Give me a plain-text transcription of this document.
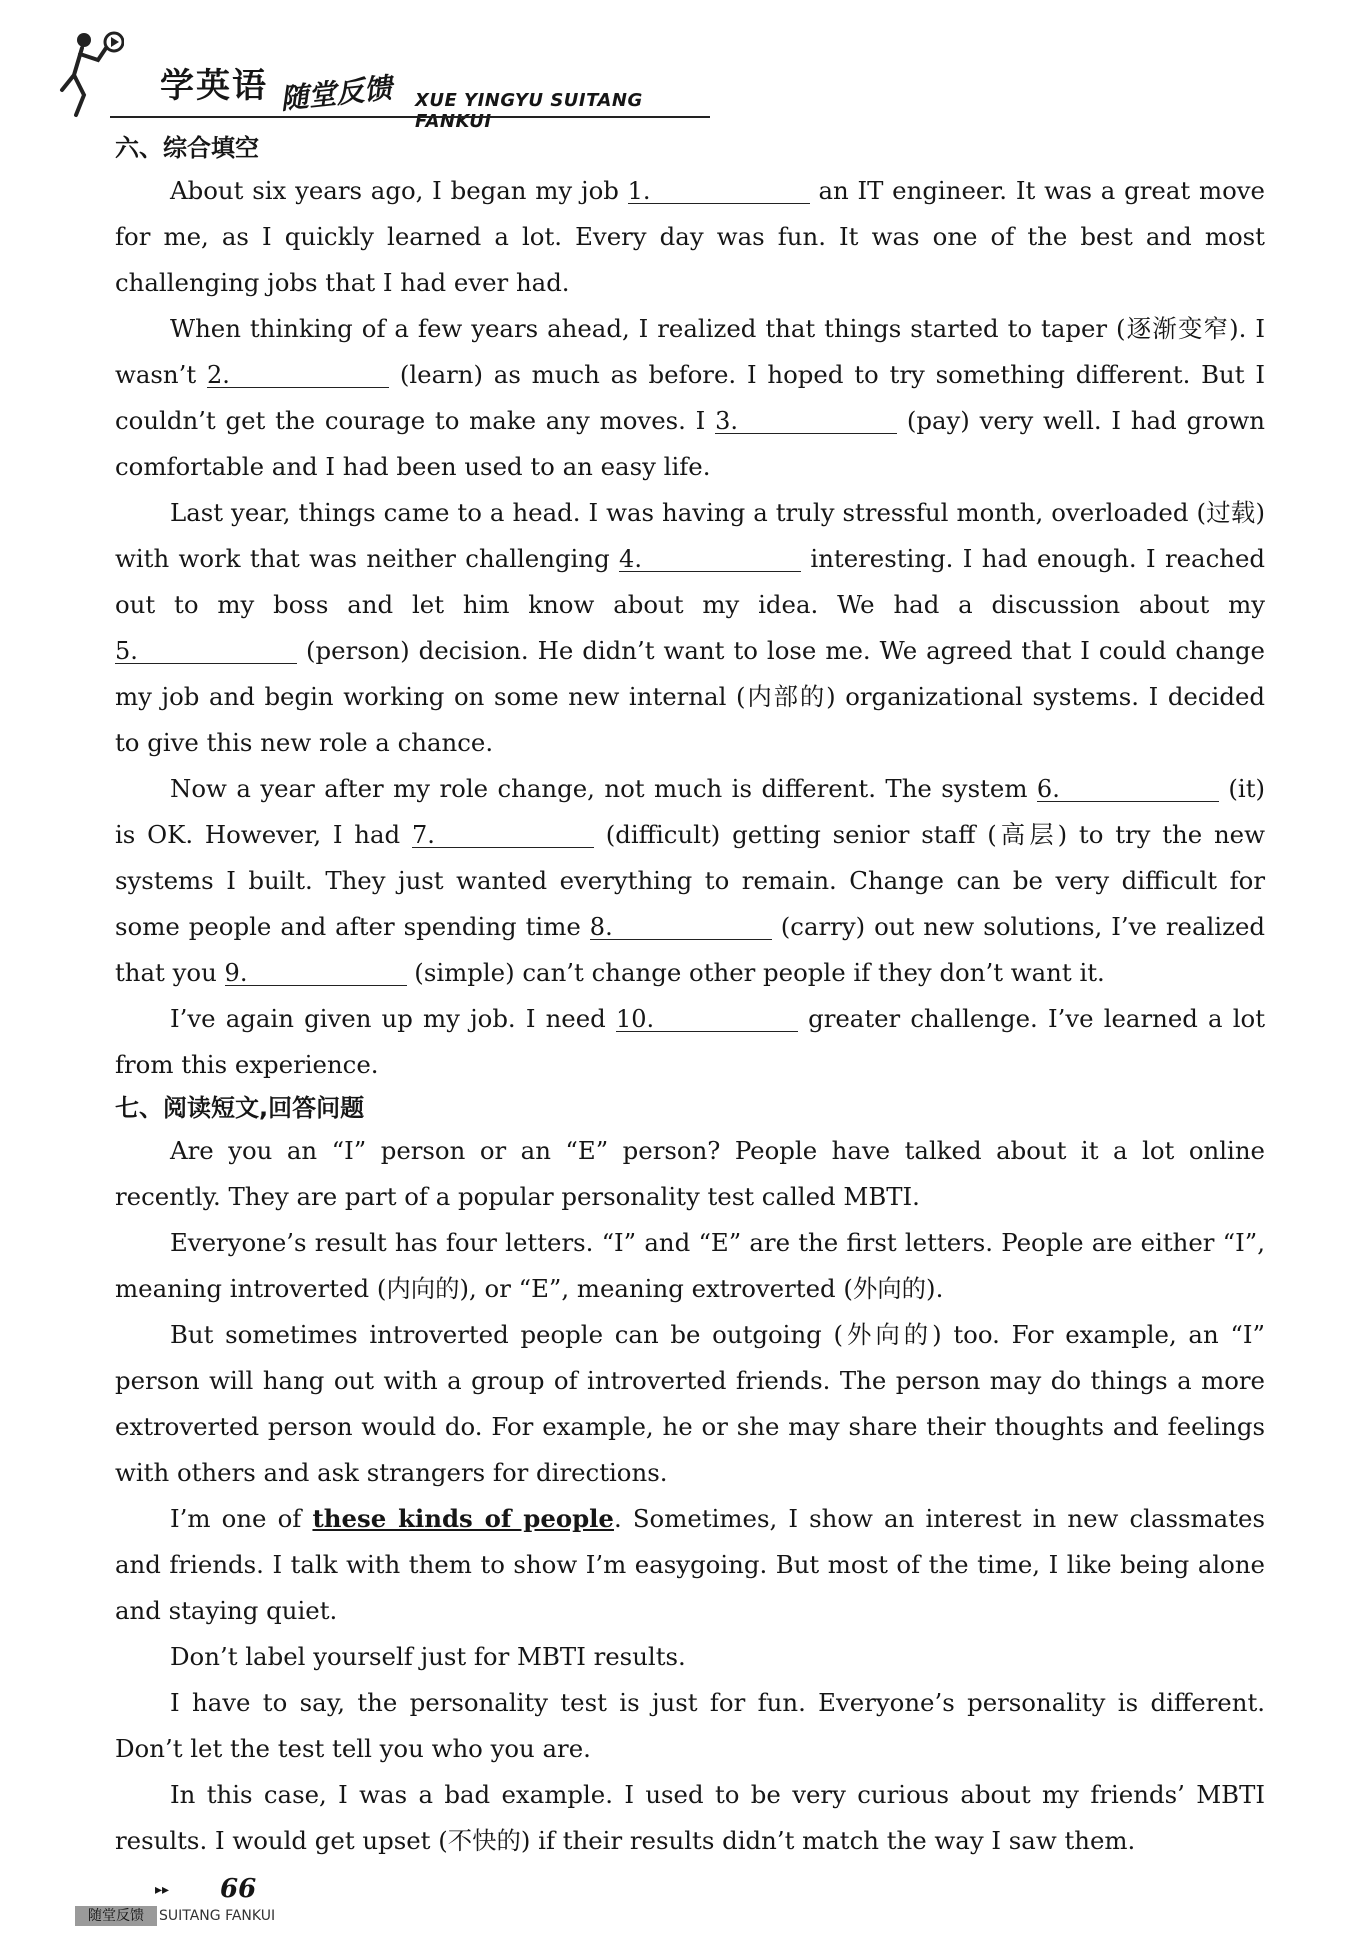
学英语 随堂反馈 XUE YINGYU SUITANG FANKUI
六、综合填空

About six years ago, I began my job 1.	an IT engineer. It was a great move for me, as I quickly learned a lot. Every day was fun. It was one of the best and most challenging jobs that I had ever had.

When thinking of a few years ahead, I realized that things started to taper (逐渐变窄). I wasn’t 2.	(learn) as much as before. I hoped to try something different. But I couldn’t get the courage to make any moves. I 3.	(pay) very well. I had grown comfortable and I had been used to an easy life.

Last year, things came to a head. I was having a truly stressful month, overloaded (过载) with work that was neither challenging 4.	interesting. I had enough. I reached out to my boss and let him know about my idea. We had a discussion about my 5.	(person) decision. He didn’t want to lose me. We agreed that I could change my job and begin working on some new internal (内部的) organizational systems. I decided to give this new role a chance.

Now a year after my role change, not much is different. The system 6.	(it) is OK. However, I had 7.	(difficult) getting senior staff (高层) to try the new systems I built. They just wanted everything to remain. Change can be very difficult for some people and after spending time 8.	(carry) out new solutions, I’ve realized that you 9.	(simple) can’t change other people if they don’t want it.

I’ve again given up my job. I need 10.	greater challenge. I’ve learned a lot from this experience.

七、阅读短文,回答问题

Are you an “I” person or an “E” person? People have talked about it a lot online recently. They are part of a popular personality test called MBTI.

Everyone’s result has four letters. “I” and “E” are the first letters. People are either “I”, meaning introverted (内向的), or “E”, meaning extroverted (外向的).

But sometimes introverted people can be outgoing (外向的) too. For example, an “I” person will hang out with a group of introverted friends. The person may do things a more extroverted person would do. For example, he or she may share their thoughts and feelings with others and ask strangers for directions.

I’m one of these kinds of people. Sometimes, I show an interest in new classmates and friends. I talk with them to show I’m easygoing. But most of the time, I like being alone and staying quiet.

Don’t label yourself just for MBTI results.

I have to say, the personality test is just for fun. Everyone’s personality is different. Don’t let the test tell you who you are.

In this case, I was a bad example. I used to be very curious about my friends’ MBTI results. I would get upset (不快的) if their results didn’t match the way I saw them.

▸▸ 66
随堂反馈	SUITANG FANKUI
